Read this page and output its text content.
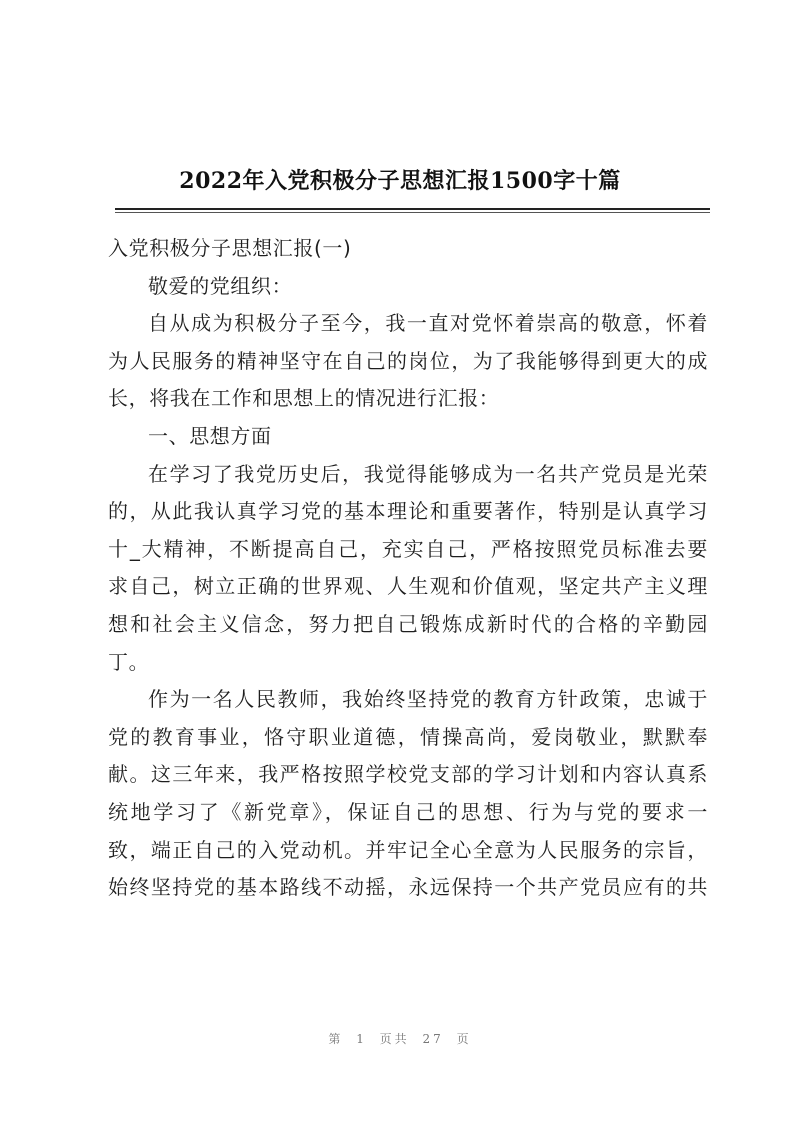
2022年入党积极分子思想汇报1500字十篇
入党积极分子思想汇报(一)
敬爱的党组织：
自从成为积极分子至今，我一直对党怀着崇高的敬意，怀着
为人民服务的精神坚守在自己的岗位，为了我能够得到更大的成
长，将我在工作和思想上的情况进行汇报：
一、思想方面
在学习了我党历史后，我觉得能够成为一名共产党员是光荣
的，从此我认真学习党的基本理论和重要著作，特别是认真学习
十_大精神，不断提高自己，充实自己，严格按照党员标准去要
求自己，树立正确的世界观、人生观和价值观，坚定共产主义理
想和社会主义信念，努力把自己锻炼成新时代的合格的辛勤园
丁。
作为一名人民教师，我始终坚持党的教育方针政策，忠诚于
党的教育事业，恪守职业道德，情操高尚，爱岗敬业，默默奉
献。这三年来，我严格按照学校党支部的学习计划和内容认真系
统地学习了《新党章》，保证自己的思想、行为与党的要求一
致，端正自己的入党动机。并牢记全心全意为人民服务的宗旨，
始终坚持党的基本路线不动摇，永远保持一个共产党员应有的共
第 1 页共 27 页
